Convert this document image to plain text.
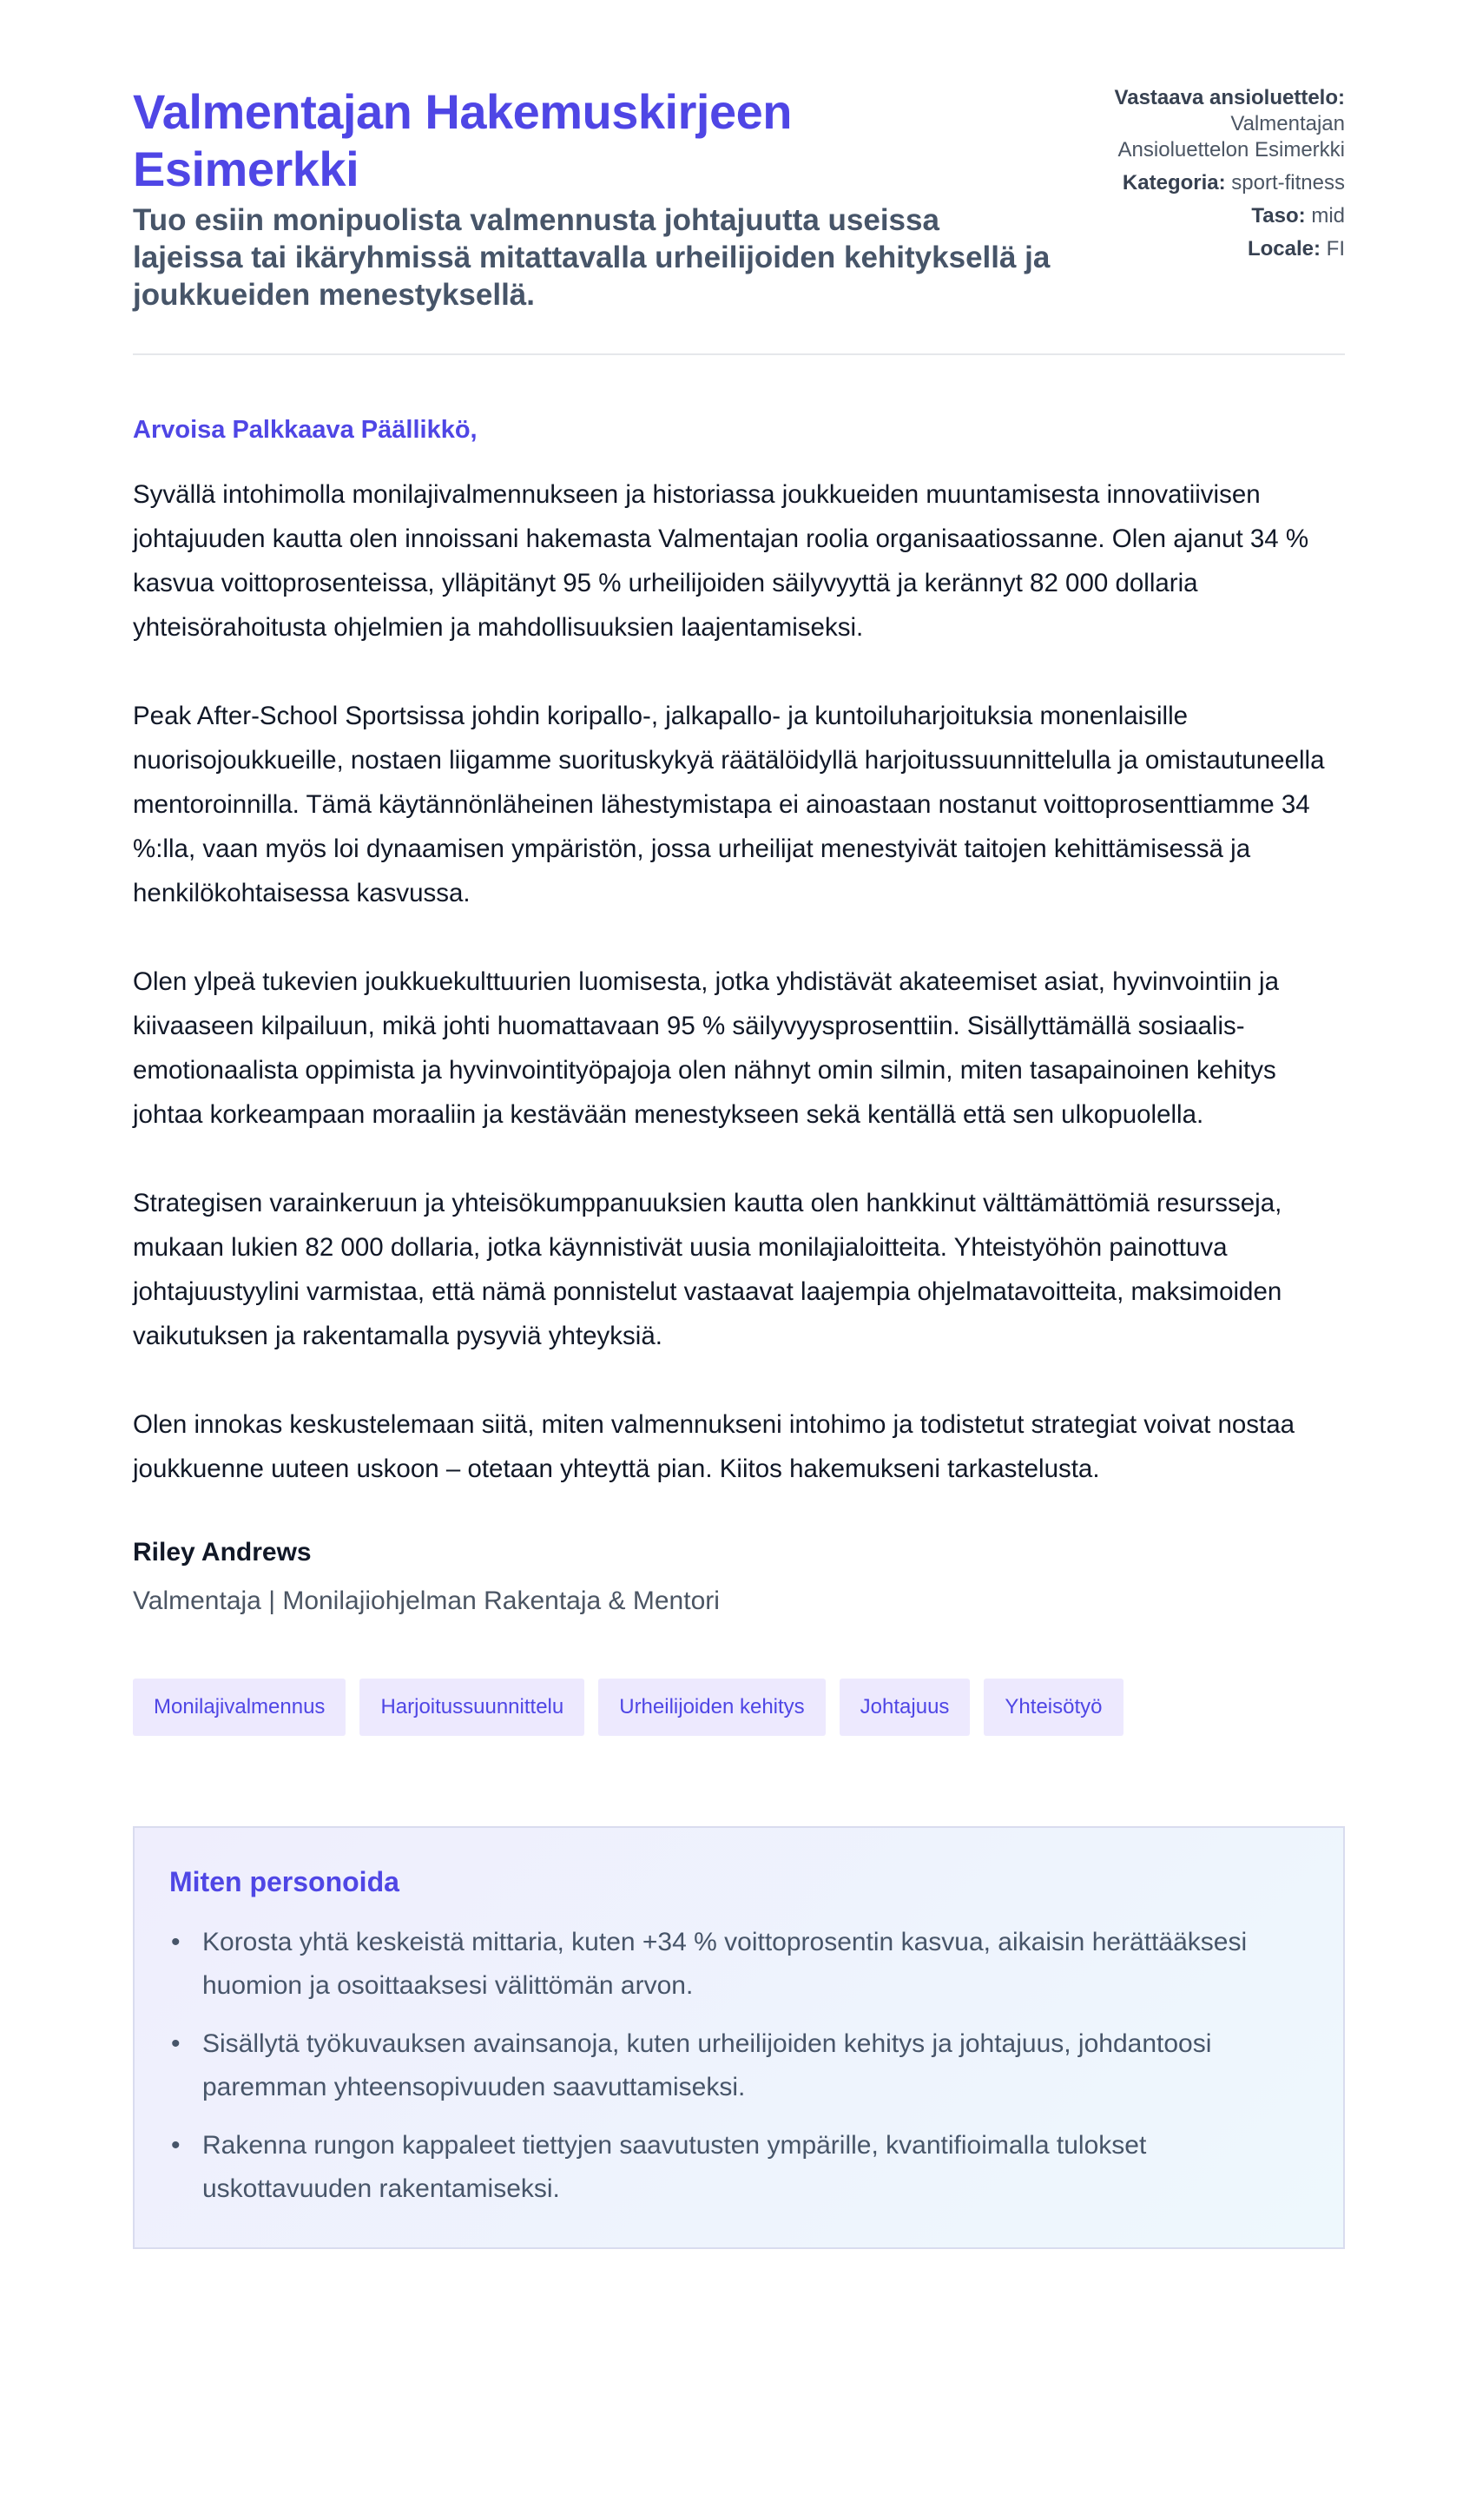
Valmentajan Hakemuskirjeen Esimerkki
Tuo esiin monipuolista valmennusta johtajuutta useissa lajeissa tai ikäryhmissä mitattavalla urheilijoiden kehityksellä ja joukkueiden menestyksellä.
Vastaava ansioluettelo:
Valmentajan
Ansioluettelon Esimerkki
Kategoria: sport-fitness
Taso: mid
Locale: FI
Arvoisa Palkkaava Päällikkö,

Syvällä intohimolla monilajivalmennukseen ja historiassa joukkueiden muuntamisesta innovatiivisen johtajuuden kautta olen innoissani hakemasta Valmentajan roolia organisaatiossanne. Olen ajanut 34 % kasvua voittoprosenteissa, ylläpitänyt 95 % urheilijoiden säilyvyyttä ja kerännyt 82 000 dollaria yhteisörahoitusta ohjelmien ja mahdollisuuksien laajentamiseksi.

Peak After-School Sportsissa johdin koripallo-, jalkapallo- ja kuntoiluharjoituksia monenlaisille nuorisojoukkueille, nostaen liigamme suorituskykyä räätälöidyllä harjoitussuunnittelulla ja omistautuneella mentoroinnilla. Tämä käytännönläheinen lähestymistapa ei ainoastaan nostanut voittoprosenttiamme 34 %:lla, vaan myös loi dynaamisen ympäristön, jossa urheilijat menestyivät taitojen kehittämisessä ja henkilökohtaisessa kasvussa.

Olen ylpeä tukevien joukkuekulttuurien luomisesta, jotka yhdistävät akateemiset asiat, hyvinvointiin ja kiivaaseen kilpailuun, mikä johti huomattavaan 95 % säilyvyysprosenttiin. Sisällyttämällä sosiaalis-emotionaalista oppimista ja hyvinvointityöpajoja olen nähnyt omin silmin, miten tasapainoinen kehitys johtaa korkeampaan moraaliin ja kestävään menestykseen sekä kentällä että sen ulkopuolella.

Strategisen varainkeruun ja yhteisökumppanuuksien kautta olen hankkinut välttämättömiä resursseja, mukaan lukien 82 000 dollaria, jotka käynnistivät uusia monilajialoitteita. Yhteistyöhön painottuva johtajuustyylini varmistaa, että nämä ponnistelut vastaavat laajempia ohjelmatavoitteita, maksimoiden vaikutuksen ja rakentamalla pysyviä yhteyksiä.

Olen innokas keskustelemaan siitä, miten valmennukseni intohimo ja todistetut strategiat voivat nostaa joukkuenne uuteen uskoon – otetaan yhteyttä pian. Kiitos hakemukseni tarkastelusta.

Riley Andrews
Valmentaja | Monilajiohjelman Rakentaja & Mentori
Monilajivalmennus	Harjoitussuunnittelu	Urheilijoiden kehitys	Johtajuus	Yhteisötyö
Miten personoida
• Korosta yhtä keskeistä mittaria, kuten +34 % voittoprosentin kasvua, aikaisin herättääksesi huomion ja osoittaaksesi välittömän arvon.
• Sisällytä työkuvauksen avainsanoja, kuten urheilijoiden kehitys ja johtajuus, johdantoosi paremman yhteensopivuuden saavuttamiseksi.
• Rakenna rungon kappaleet tiettyjen saavutusten ympärille, kvantifioimalla tulokset uskottavuuden rakentamiseksi.
